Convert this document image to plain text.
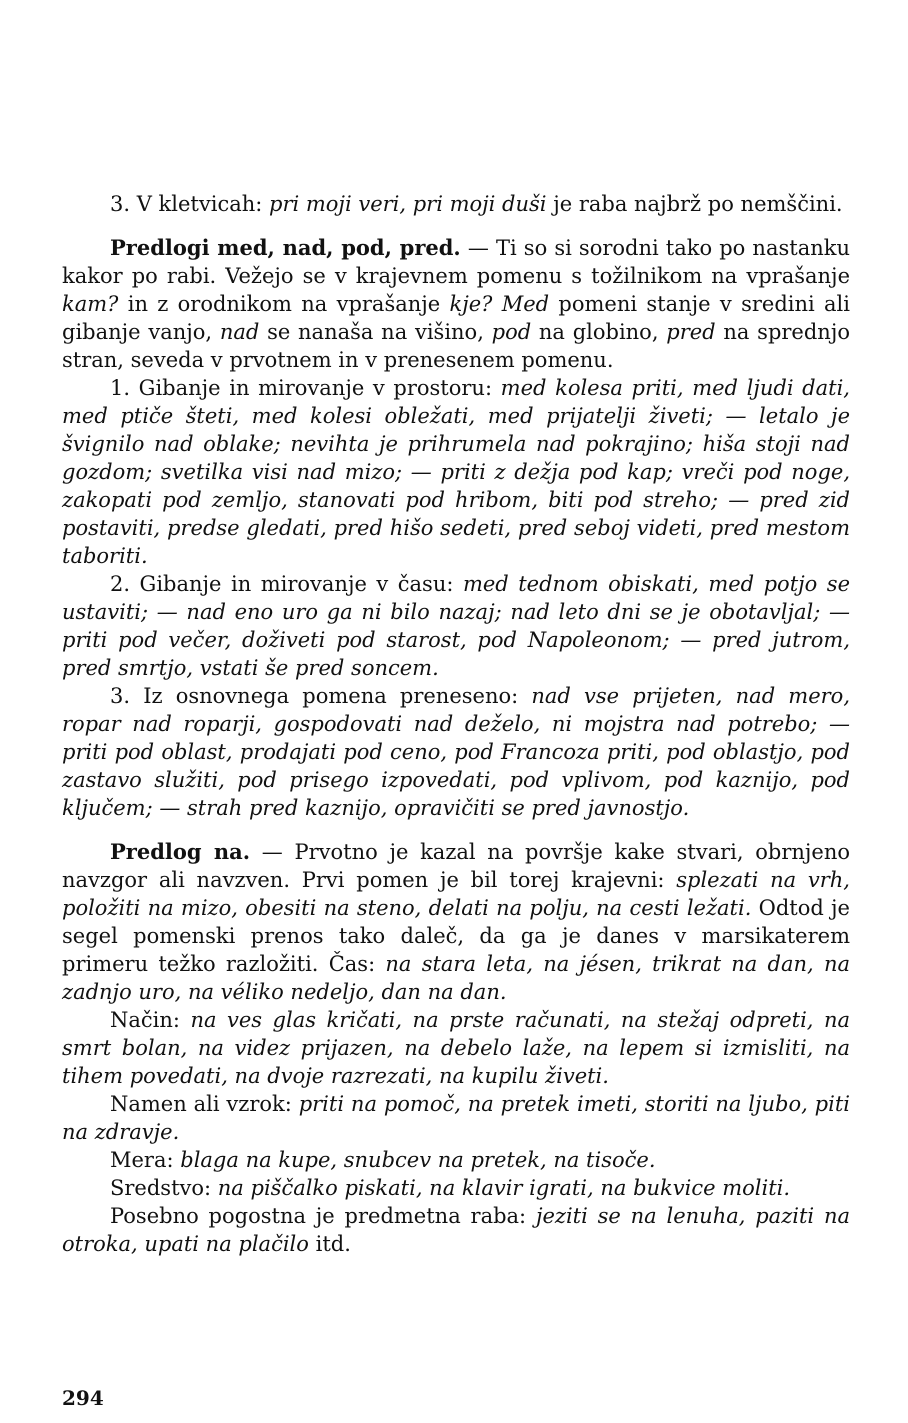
3. V kletvicah: pri moji veri, pri moji duši je raba najbrž po nemščini.

Predlogi med, nad, pod, pred. — Ti so si sorodni tako po nastanku kakor po rabi. Vežejo se v krajevnem pomenu s tožilnikom na vprašanje kam? in z orodnikom na vprašanje kje? Med pomeni stanje v sredini ali gibanje vanjo, nad se nanaša na višino, pod na globino, pred na sprednjo stran, seveda v prvotnem in v prenesenem pomenu.

1. Gibanje in mirovanje v prostoru: med kolesa priti, med ljudi dati, med ptiče šteti, med kolesi obležati, med prijatelji živeti; — letalo je švignilo nad oblake; nevihta je prihrumela nad pokrajino; hiša stoji nad gozdom; svetilka visi nad mizo; — priti z dežja pod kap; vreči pod noge, zakopati pod zemljo, stanovati pod hribom, biti pod streho; — pred zid postaviti, predse gledati, pred hišo sedeti, pred seboj videti, pred mestom taboriti.

2. Gibanje in mirovanje v času: med tednom obiskati, med potjo se ustaviti; — nad eno uro ga ni bilo nazaj; nad leto dni se je obotavljal; — priti pod večer, doživeti pod starost, pod Napoleonom; — pred jutrom, pred smrtjo, vstati še pred soncem.

3. Iz osnovnega pomena preneseno: nad vse prijeten, nad mero, ropar nad roparji, gospodovati nad deželo, ni mojstra nad potrebo; — priti pod oblast, prodajati pod ceno, pod Francoza priti, pod oblastjo, pod zastavo služiti, pod prisego izpovedati, pod vplivom, pod kaznijo, pod ključem; — strah pred kaznijo, opravičiti se pred javnostjo.

Predlog na. — Prvotno je kazal na površje kake stvari, obrnjeno navzgor ali navzven. Prvi pomen je bil torej krajevni: splezati na vrh, položiti na mizo, obesiti na steno, delati na polju, na cesti ležati. Odtod je segel pomenski prenos tako daleč, da ga je danes v marsikaterem primeru težko razložiti. Čas: na stara leta, na jésen, trikrat na dan, na zadnjo uro, na véliko nedeljo, dan na dan.

Način: na ves glas kričati, na prste računati, na stežaj odpreti, na smrt bolan, na videz prijazen, na debelo laže, na lepem si izmisliti, na tihem povedati, na dvoje razrezati, na kupilu živeti.

Namen ali vzrok: priti na pomoč, na pretek imeti, storiti na ljubo, piti na zdravje.

Mera: blaga na kupe, snubcev na pretek, na tisoče.

Sredstvo: na piščalko piskati, na klavir igrati, na bukvice moliti.

Posebno pogostna je predmetna raba: jeziti se na lenuha, paziti na otroka, upati na plačilo itd.

294
